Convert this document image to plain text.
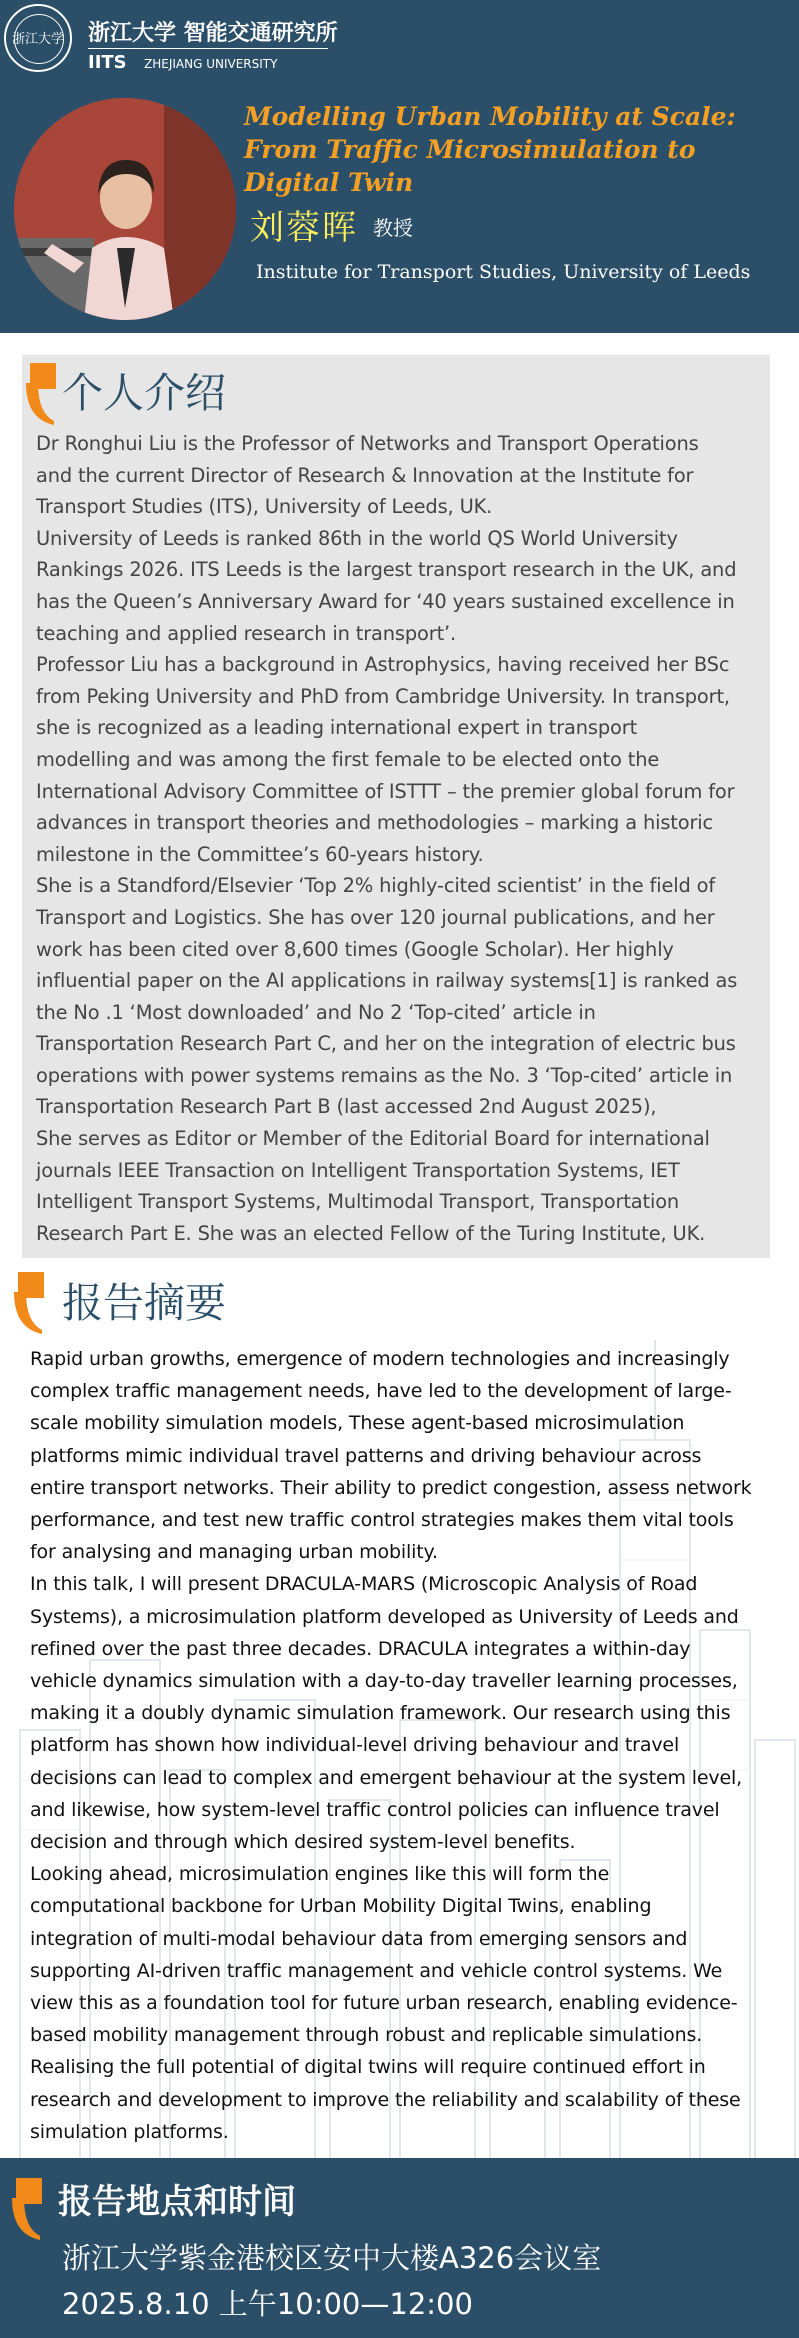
浙江大学 浙江大学 智能交通研究所
IITS ZHEJIANG UNIVERSITY
Modelling Urban Mobility at Scale:
From Traffic Microsimulation to Digital Twin
刘蓉晖 教授
Institute for Transport Studies, University of Leeds
个人介绍
Dr Ronghui Liu is the Professor of Networks and Transport Operations
and the current Director of Research & Innovation at the Institute for
Transport Studies (ITS), University of Leeds, UK.
University of Leeds is ranked 86th in the world QS World University
Rankings 2026. ITS Leeds is the largest transport research in the UK, and
has the Queen’s Anniversary Award for ‘40 years sustained excellence in
teaching and applied research in transport’.
Professor Liu has a background in Astrophysics, having received her BSc
from Peking University and PhD from Cambridge University. In transport,
she is recognized as a leading international expert in transport
modelling and was among the first female to be elected onto the
International Advisory Committee of ISTTT – the premier global forum for
advances in transport theories and methodologies – marking a historic
milestone in the Committee’s 60-years history.
She is a Standford/Elsevier ‘Top 2% highly-cited scientist’ in the field of
Transport and Logistics. She has over 120 journal publications, and her
work has been cited over 8,600 times (Google Scholar). Her highly
influential paper on the AI applications in railway systems[1] is ranked as
the No .1 ‘Most downloaded’ and No 2 ‘Top-cited’ article in
Transportation Research Part C, and her on the integration of electric bus
operations with power systems remains as the No. 3 ‘Top-cited’ article in
Transportation Research Part B (last accessed 2nd August 2025),
She serves as Editor or Member of the Editorial Board for international
journals IEEE Transaction on Intelligent Transportation Systems, IET
Intelligent Transport Systems, Multimodal Transport, Transportation
Research Part E. She was an elected Fellow of the Turing Institute, UK.
报告摘要
Rapid urban growths, emergence of modern technologies and increasingly
complex traffic management needs, have led to the development of large-
scale mobility simulation models, These agent-based microsimulation
platforms mimic individual travel patterns and driving behaviour across
entire transport networks. Their ability to predict congestion, assess network
performance, and test new traffic control strategies makes them vital tools
for analysing and managing urban mobility.
In this talk, I will present DRACULA-MARS (Microscopic Analysis of Road
Systems), a microsimulation platform developed as University of Leeds and
refined over the past three decades. DRACULA integrates a within-day
vehicle dynamics simulation with a day-to-day traveller learning processes,
making it a doubly dynamic simulation framework. Our research using this
platform has shown how individual-level driving behaviour and travel
decisions can lead to complex and emergent behaviour at the system level,
and likewise, how system-level traffic control policies can influence travel
decision and through which desired system-level benefits.
Looking ahead, microsimulation engines like this will form the
computational backbone for Urban Mobility Digital Twins, enabling
integration of multi-modal behaviour data from emerging sensors and
supporting AI-driven traffic management and vehicle control systems. We
view this as a foundation tool for future urban research, enabling evidence-
based mobility management through robust and replicable simulations.
Realising the full potential of digital twins will require continued effort in
research and development to improve the reliability and scalability of these
simulation platforms.
报告地点和时间
浙江大学紫金港校区安中大楼A326会议室
2025.8.10 上午10:00—12:00
